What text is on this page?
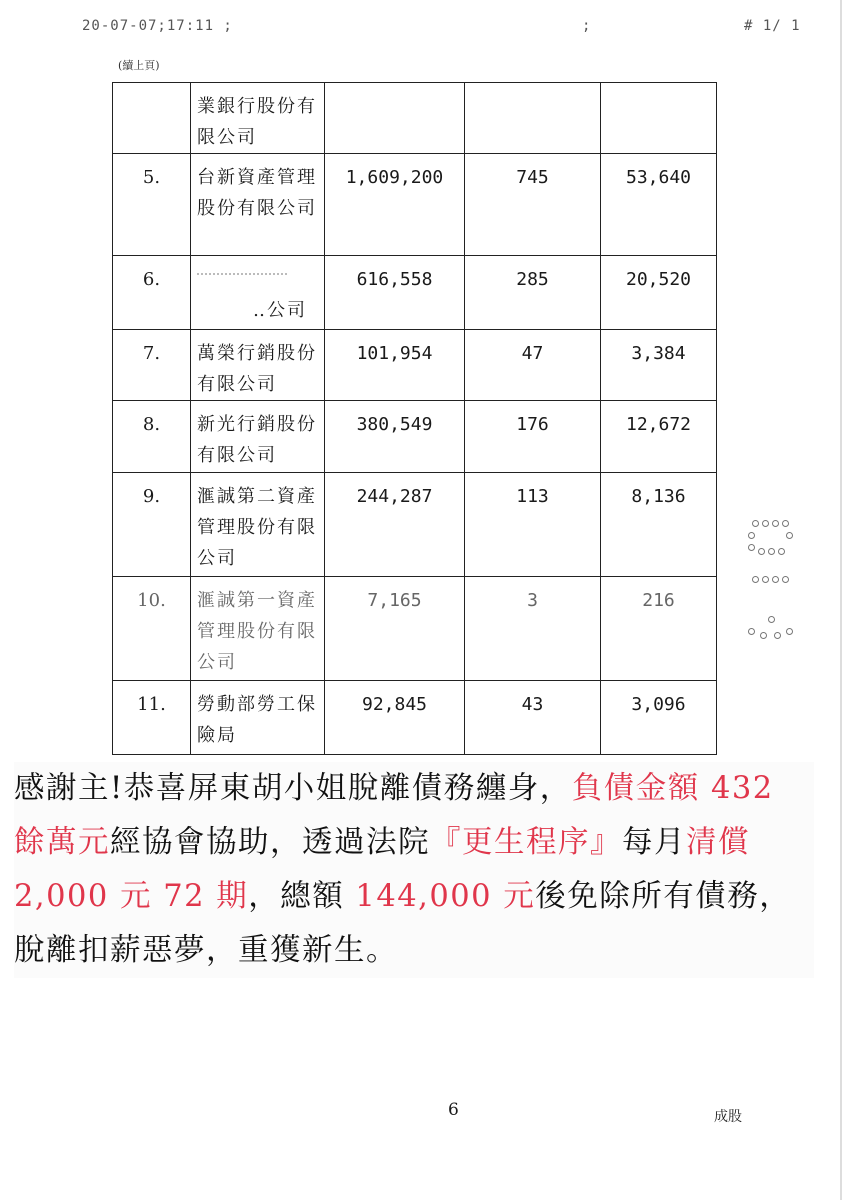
20-07-07;17:11 ;	;	# 1/ 1
(續上頁)
	業銀行股份有限公司			
5.	台新資產管理股份有限公司	1,609,200	745	53,640
6.	‥公司	616,558	285	20,520
7.	萬榮行銷股份有限公司	101,954	47	3,384
8.	新光行銷股份有限公司	380,549	176	12,672
9.	滙誠第二資產管理股份有限公司	244,287	113	8,136
10.	滙誠第一資產管理股份有限公司	7,165	3	216
11.	勞動部勞工保險局	92,845	43	3,096
感謝主!恭喜屏東胡小姐脫離債務纏身，負債金額 432 餘萬元經協會協助，透過法院『更生程序』每月清償 2,000 元 72 期，總額 144,000 元後免除所有債務，脫離扣薪惡夢，重獲新生。
6	成股
